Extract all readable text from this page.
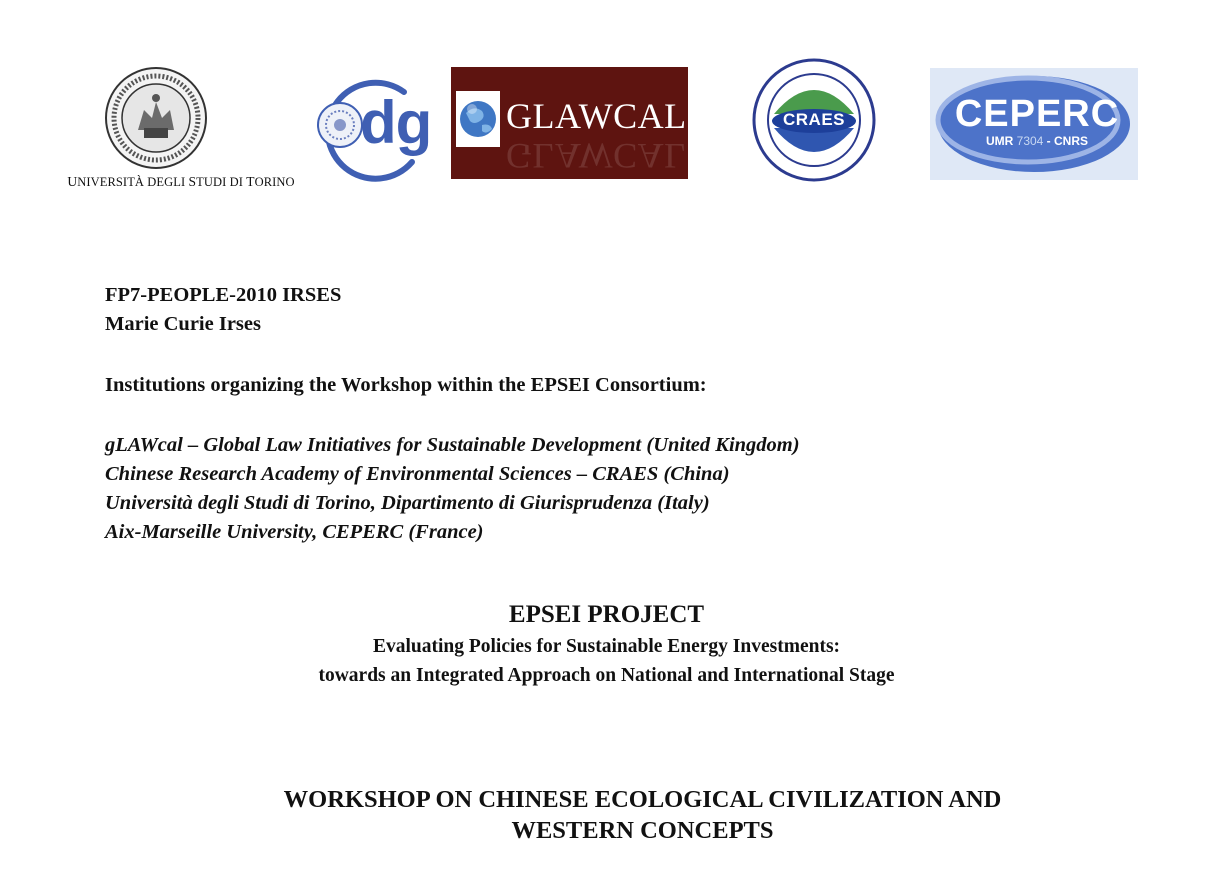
UNIVERSITÀ DEGLI STUDI DI TORINO
dg GLAWCAL
GLAWCAL
CRAES	CEPERC
UMR 7304 - CNRS
FP7-PEOPLE-2010 IRSES
Marie Curie Irses
Institutions organizing the Workshop within the EPSEI Consortium:
gLAWcal – Global Law Initiatives for Sustainable Development (United Kingdom)
Chinese Research Academy of Environmental Sciences – CRAES (China)
Università degli Studi di Torino, Dipartimento di Giurisprudenza (Italy)
Aix-Marseille University, CEPERC (France)
EPSEI PROJECT
Evaluating Policies for Sustainable Energy Investments:
towards an Integrated Approach on National and International Stage
WORKSHOP ON CHINESE ECOLOGICAL CIVILIZATION AND
WESTERN CONCEPTS
